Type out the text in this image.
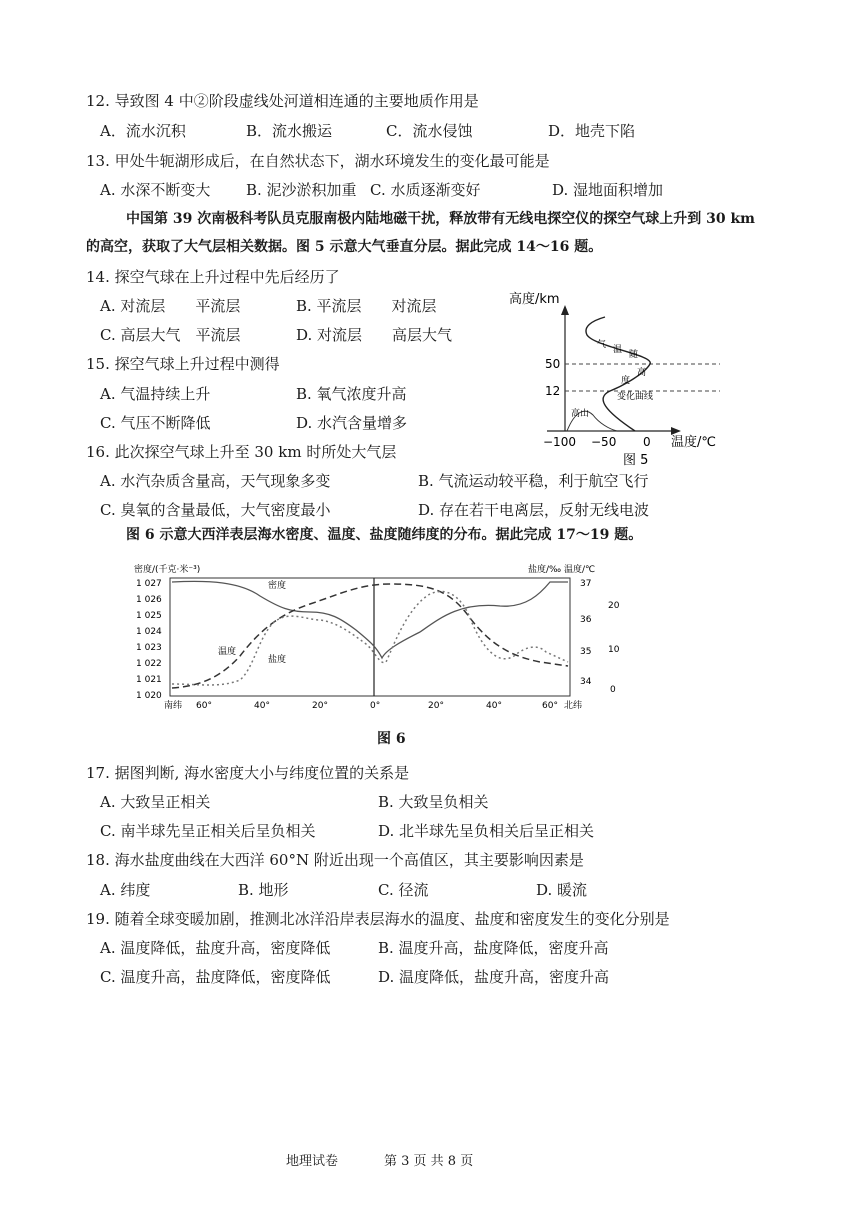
12. 导致图 4 中②阶段虚线处河道相连通的主要地质作用是
A．流水沉积	B．流水搬运	C．流水侵蚀	D．地壳下陷
13. 甲处牛轭湖形成后，在自然状态下，湖水环境发生的变化最可能是
A. 水深不断变大 B. 泥沙淤积加重 C. 水质逐渐变好	D. 湿地面积增加
中国第 39 次南极科考队员克服南极内陆地磁干扰，释放带有无线电探空仪的探空气球上升到 30 km
的高空，获取了大气层相关数据。图 5 示意大气垂直分层。据此完成 14～16 题。
14. 探空气球在上升过程中先后经历了
A. 对流层　　平流层	B. 平流层　　对流层
C. 高层大气　平流层	D. 对流层　　高层大气
15. 探空气球上升过程中测得
A. 气温持续上升	B. 氧气浓度升高
C. 气压不断降低	D. 水汽含量增多
16. 此次探空气球上升至 30 km 时所处大气层
A. 水汽杂质含量高，天气现象多变	B. 气流运动较平稳，利于航空飞行
C. 臭氧的含量最低，大气密度最小	D. 存在若干电离层，反射无线电波
高度/km
50
12
−100 −50 0 温度/℃
高山
气 温 随
高
度
变化曲线
图 5
图 6 示意大西洋表层海水密度、温度、盐度随纬度的分布。据此完成 17～19 题。
密度/(千克·米⁻³)	盐度/‰ 温度/℃
1 027
1 026
1 025
1 024
1 023
1 022
1 021
1 020
37
36
35
34
20
10
0
南纬 60°	40°	20°	0°	20°	40°	60° 北纬
密度
温度
盐度
图 6
17. 据图判断, 海水密度大小与纬度位置的关系是
A. 大致呈正相关	B. 大致呈负相关
C. 南半球先呈正相关后呈负相关	D. 北半球先呈负相关后呈正相关
18. 海水盐度曲线在大西洋 60°N 附近出现一个高值区，其主要影响因素是
A. 纬度	B. 地形	C. 径流	D. 暖流
19. 随着全球变暖加剧，推测北冰洋沿岸表层海水的温度、盐度和密度发生的变化分别是
A. 温度降低，盐度升高，密度降低	B. 温度升高，盐度降低，密度升高
C. 温度升高，盐度降低，密度降低	D. 温度降低，盐度升高，密度升高
地理试卷	第 3 页 共 8 页
